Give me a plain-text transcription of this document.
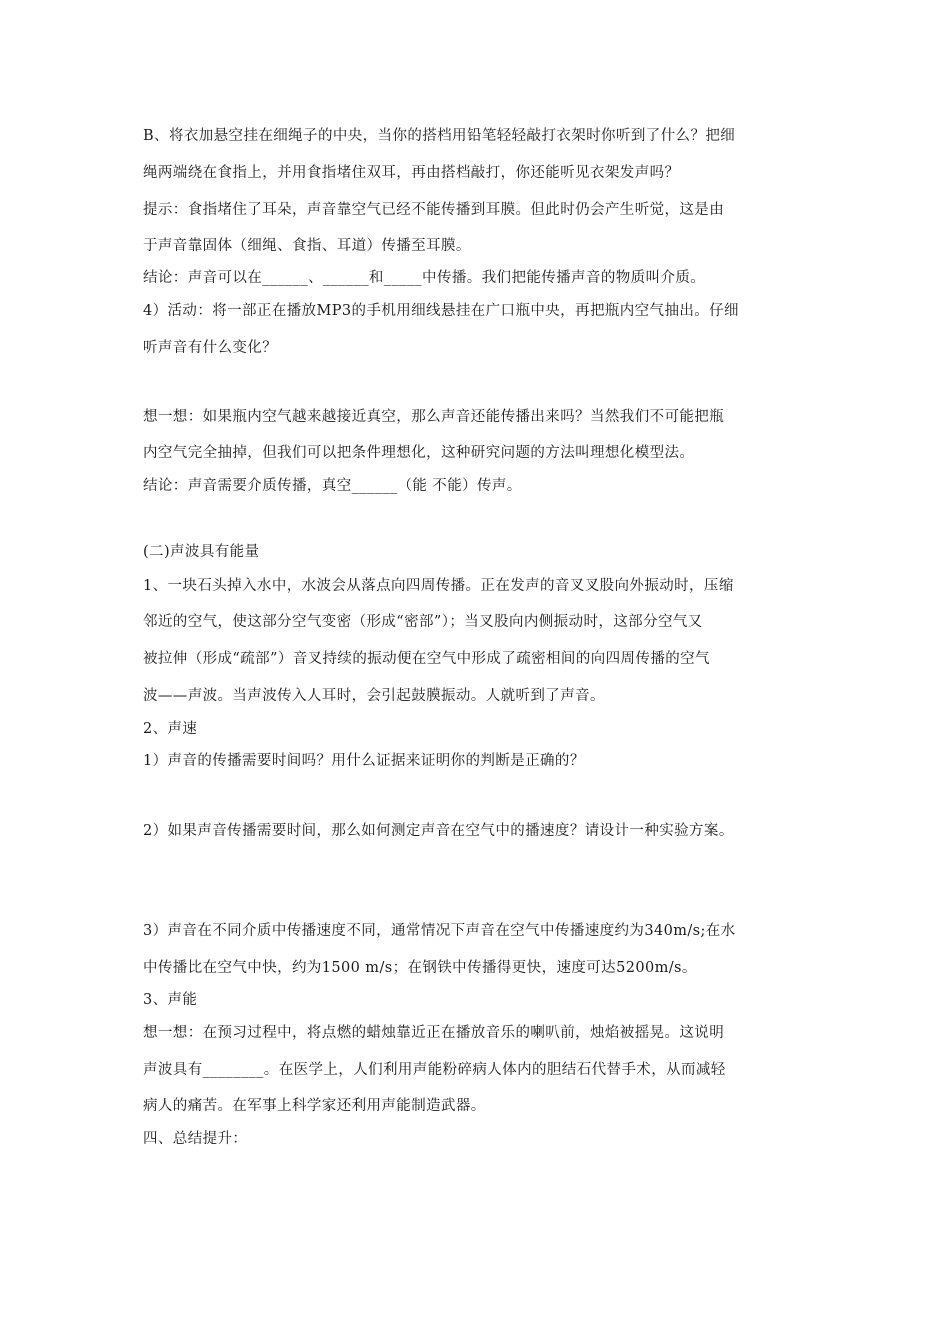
B、将衣加悬空挂在细绳子的中央，当你的搭档用铅笔轻轻敲打衣架时你听到了什么？把细
绳两端绕在食指上，并用食指堵住双耳，再由搭档敲打，你还能听见衣架发声吗？
提示：食指堵住了耳朵，声音靠空气已经不能传播到耳膜。但此时仍会产生听觉，这是由
于声音靠固体（细绳、食指、耳道）传播至耳膜。
结论：声音可以在______、______和_____中传播。我们把能传播声音的物质叫介质。
4）活动：将一部正在播放MP3的手机用细线悬挂在广口瓶中央，再把瓶内空气抽出。仔细
听声音有什么变化？
想一想：如果瓶内空气越来越接近真空，那么声音还能传播出来吗？当然我们不可能把瓶
内空气完全抽掉，但我们可以把条件理想化，这种研究问题的方法叫理想化模型法。
结论：声音需要介质传播，真空______（能 不能）传声。
(二)声波具有能量
1、一块石头掉入水中，水波会从落点向四周传播。正在发声的音叉叉股向外振动时，压缩
邻近的空气，使这部分空气变密（形成“密部”）；当叉股向内侧振动时，这部分空气又
被拉伸（形成“疏部”）音叉持续的振动便在空气中形成了疏密相间的向四周传播的空气
波——声波。当声波传入人耳时，会引起鼓膜振动。人就听到了声音。
2、声速
1）声音的传播需要时间吗？用什么证据来证明你的判断是正确的？
2）如果声音传播需要时间，那么如何测定声音在空气中的播速度？请设计一种实验方案。
3）声音在不同介质中传播速度不同，通常情况下声音在空气中传播速度约为340m/s;在水
中传播比在空气中快，约为1500 m/s；在钢铁中传播得更快，速度可达5200m/s。
3、声能
想一想：在预习过程中，将点燃的蜡烛靠近正在播放音乐的喇叭前，烛焰被摇晃。这说明
声波具有________。在医学上，人们利用声能粉碎病人体内的胆结石代替手术，从而减轻
病人的痛苦。在军事上科学家还利用声能制造武器。
四、总结提升：
